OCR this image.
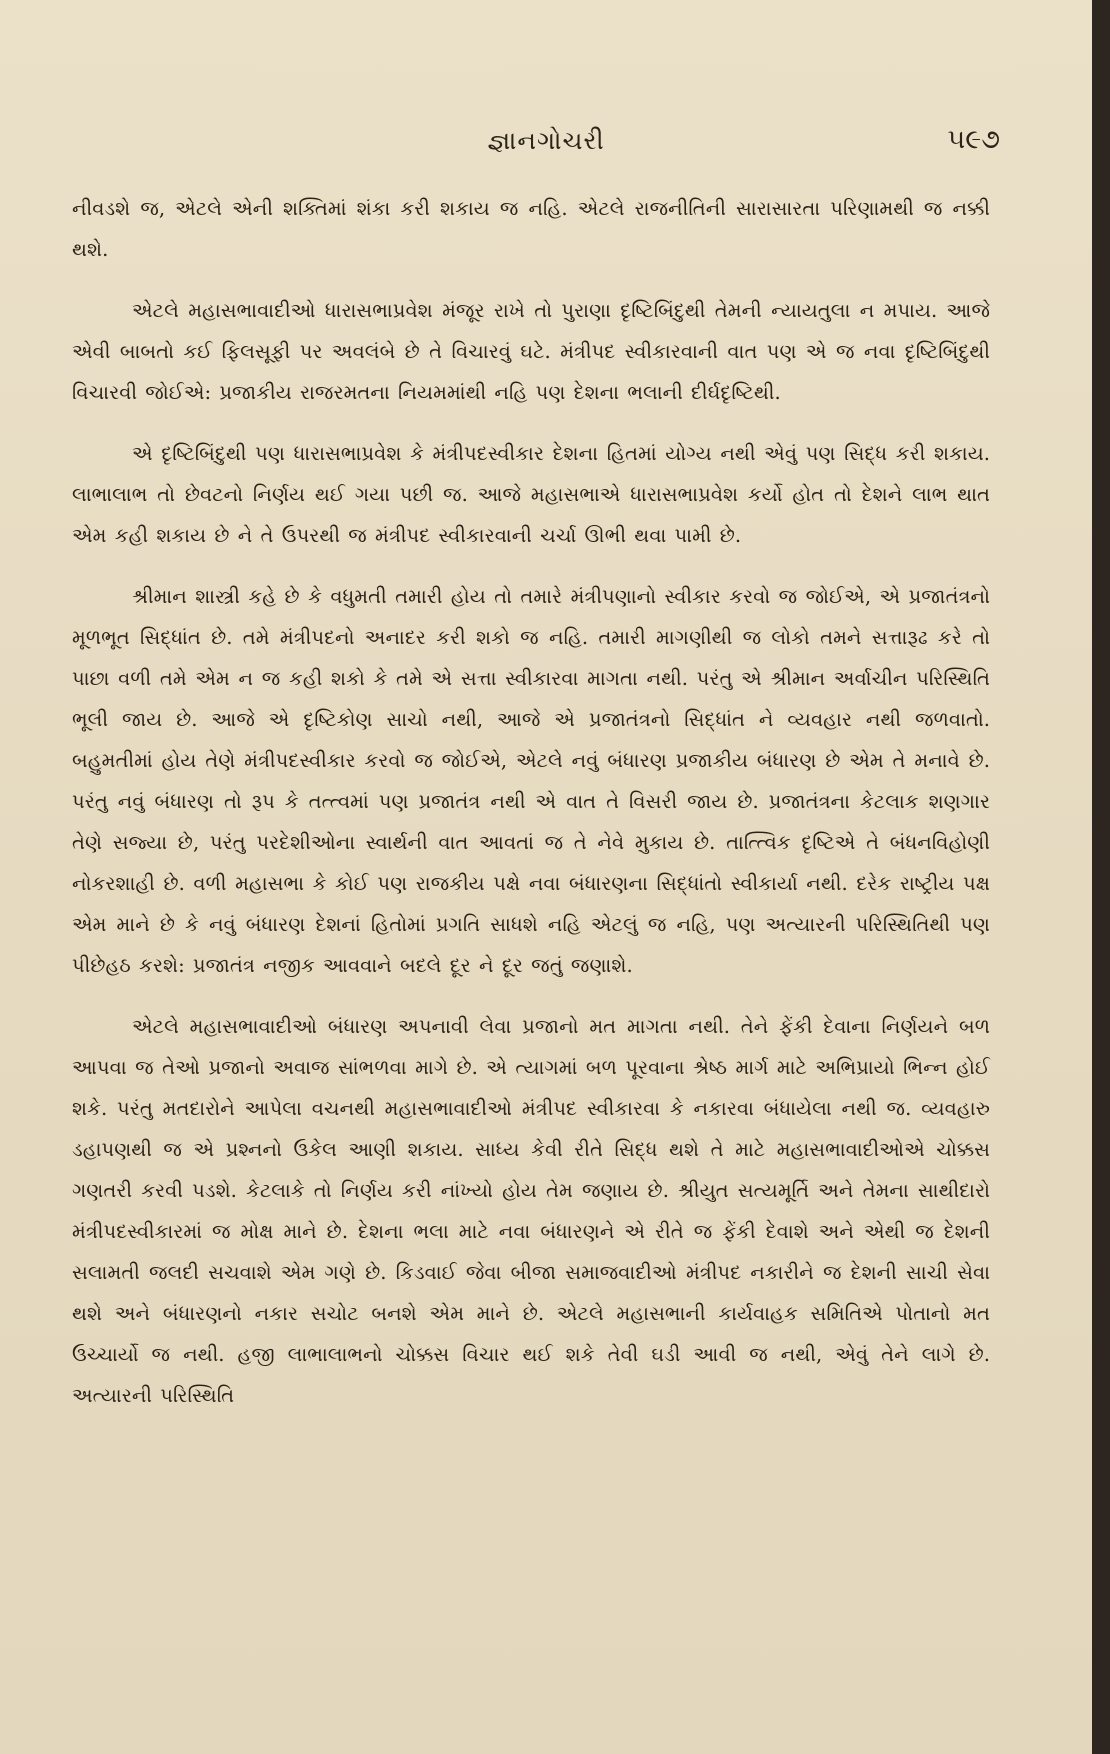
જ્ઞાનગોચરી	૫૯૭

નીવડશે જ, એટલે એની શક્તિમાં શંકા કરી શકાય જ નહિ. એટલે રાજનીતિની સારાસારતા પરિણામથી જ નક્કી થશે.

એટલે મહાસભાવાદીઓ ધારાસભાપ્રવેશ મંજૂર રાખે તો પુરાણા દૃષ્ટિબિંદુથી તેમની ન્યાયતુલા ન મપાય. આજે એવી બાબતો કઈ ફિલસૂફી પર અવલંબે છે તે વિચારવું ઘટે. મંત્રીપદ સ્વીકારવાની વાત પણ એ જ નવા દૃષ્ટિબિંદુથી વિચારવી જોઈએ: પ્રજાકીય રાજરમતના નિયમમાંથી નહિ પણ દેશના ભલાની દીર્ઘદૃષ્ટિથી.

એ દૃષ્ટિબિંદુથી પણ ધારાસભાપ્રવેશ કે મંત્રીપદસ્વીકાર દેશના હિતમાં યોગ્ય નથી એવું પણ સિદ્ધ કરી શકાય. લાભાલાભ તો છેવટનો નિર્ણય થઈ ગયા પછી જ. આજે મહાસભાએ ધારાસભાપ્રવેશ કર્યો હોત તો દેશને લાભ થાત એમ કહી શકાય છે ને તે ઉપરથી જ મંત્રીપદ સ્વીકારવાની ચર્ચા ઊભી થવા પામી છે.

શ્રીમાન શાસ્ત્રી કહે છે કે વધુમતી તમારી હોય તો તમારે મંત્રીપણાનો સ્વીકાર કરવો જ જોઈએ, એ પ્રજાતંત્રનો મૂળભૂત સિદ્ધાંત છે. તમે મંત્રીપદનો અનાદર કરી શકો જ નહિ. તમારી માગણીથી જ લોકો તમને સત્તારૂઢ કરે તો પાછા વળી તમે એમ ન જ કહી શકો કે તમે એ સત્તા સ્વીકારવા માગતા નથી. પરંતુ એ શ્રીમાન અર્વાચીન પરિસ્થિતિ ભૂલી જાય છે. આજે એ દૃષ્ટિકોણ સાચો નથી, આજે એ પ્રજાતંત્રનો સિદ્ધાંત ને વ્યવહાર નથી જળવાતો. બહુમતીમાં હોય તેણે મંત્રીપદસ્વીકાર કરવો જ જોઈએ, એટલે નવું બંધારણ પ્રજાકીય બંધારણ છે એમ તે મનાવે છે. પરંતુ નવું બંધારણ તો રૂપ કે તત્ત્વમાં પણ પ્રજાતંત્ર નથી એ વાત તે વિસરી જાય છે. પ્રજાતંત્રના કેટલાક શણગાર તેણે સજ્યા છે, પરંતુ પરદેશીઓના સ્વાર્થની વાત આવતાં જ તે નેવે મુકાય છે. તાત્ત્વિક દૃષ્ટિએ તે બંધનવિહોણી નોકરશાહી છે. વળી મહાસભા કે કોઈ પણ રાજકીય પક્ષે નવા બંધારણના સિદ્ધાંતો સ્વીકાર્યા નથી. દરેક રાષ્ટ્રીય પક્ષ એમ માને છે કે નવું બંધારણ દેશનાં હિતોમાં પ્રગતિ સાધશે નહિ એટલું જ નહિ, પણ અત્યારની પરિસ્થિતિથી પણ પીછેહઠ કરશે: પ્રજાતંત્ર નજીક આવવાને બદલે દૂર ને દૂર જતું જણાશે.

એટલે મહાસભાવાદીઓ બંધારણ અપનાવી લેવા પ્રજાનો મત માગતા નથી. તેને ફેંકી દેવાના નિર્ણયને બળ આપવા જ તેઓ પ્રજાનો અવાજ સાંભળવા માગે છે. એ ત્યાગમાં બળ પૂરવાના શ્રેષ્ઠ માર્ગ માટે અભિપ્રાયો ભિન્ન હોઈ શકે. પરંતુ મતદારોને આપેલા વચનથી મહાસભાવાદીઓ મંત્રીપદ સ્વીકારવા કે નકારવા બંધાયેલા નથી જ. વ્યવહારુ ડહાપણથી જ એ પ્રશ્નનો ઉકેલ આણી શકાય. સાધ્ય કેવી રીતે સિદ્ધ થશે તે માટે મહાસભાવાદીઓએ ચોક્કસ ગણતરી કરવી પડશે. કેટલાકે તો નિર્ણય કરી નાંખ્યો હોય તેમ જણાય છે. શ્રીયુત સત્યમૂર્તિ અને તેમના સાથીદારો મંત્રીપદસ્વીકારમાં જ મોક્ષ માને છે. દેશના ભલા માટે નવા બંધારણને એ રીતે જ ફેંકી દેવાશે અને એથી જ દેશની સલામતી જલદી સચવાશે એમ ગણે છે. કિડવાઈ જેવા બીજા સમાજવાદીઓ મંત્રીપદ નકારીને જ દેશની સાચી સેવા થશે અને બંધારણનો નકાર સચોટ બનશે એમ માને છે. એટલે મહાસભાની કાર્યવાહક સમિતિએ પોતાનો મત ઉચ્ચાર્યો જ નથી. હજી લાભાલાભનો ચોક્કસ વિચાર થઈ શકે તેવી ઘડી આવી જ નથી, એવું તેને લાગે છે. અત્યારની પરિસ્થિતિ
